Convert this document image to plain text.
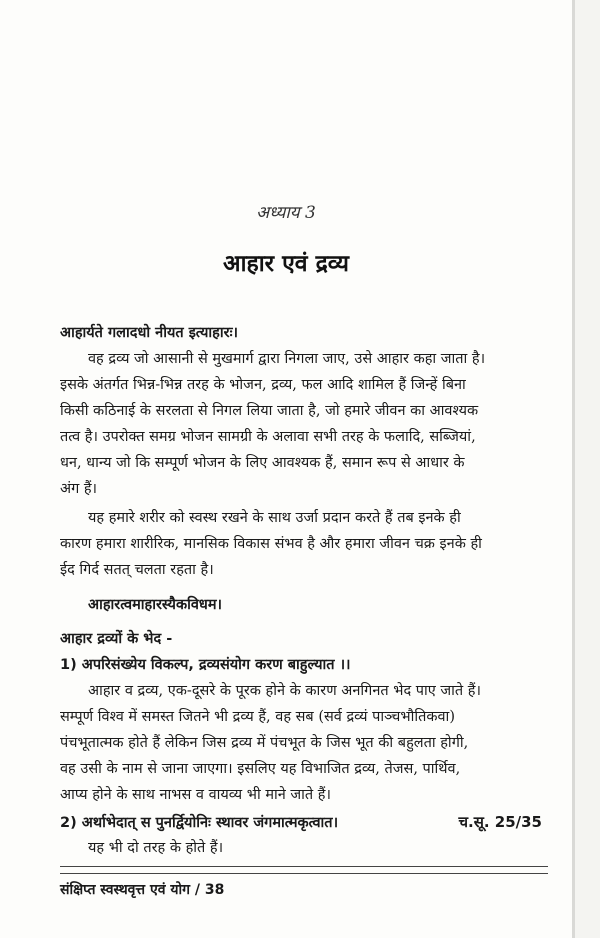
अध्याय 3
आहार एवं द्रव्य
आहार्यते गलादधो नीयत इत्याहारः।
वह द्रव्य जो आसानी से मुखमार्ग द्वारा निगला जाए, उसे आहार कहा जाता है।
इसके अंतर्गत भिन्न-भिन्न तरह के भोजन, द्रव्य, फल आदि शामिल हैं जिन्हें बिना
किसी कठिनाई के सरलता से निगल लिया जाता है, जो हमारे जीवन का आवश्यक
तत्व है। उपरोक्त समग्र भोजन सामग्री के अलावा सभी तरह के फलादि, सब्जियां,
धन, धान्य जो कि सम्पूर्ण भोजन के लिए आवश्यक हैं, समान रूप से आधार के
अंग हैं।
यह हमारे शरीर को स्वस्थ रखने के साथ उर्जा प्रदान करते हैं तब इनके ही
कारण हमारा शारीरिक, मानसिक विकास संभव है और हमारा जीवन चक्र इनके ही
ईद गिर्द सतत् चलता रहता है।
आहारत्वमाहारस्यैकविधम।
आहार द्रव्यों के भेद -
1) अपरिसंख्येय विकल्प, द्रव्यसंयोग करण बाहुल्यात ।।
आहार व द्रव्य, एक-दूसरे के पूरक होने के कारण अनगिनत भेद पाए जाते हैं।
सम्पूर्ण विश्व में समस्त जितने भी द्रव्य हैं, वह सब (सर्व द्रव्यं पाञ्चभौतिकवा)
पंचभूतात्मक होते हैं लेकिन जिस द्रव्य में पंचभूत के जिस भूत की बहुलता होगी,
वह उसी के नाम से जाना जाएगा। इसलिए यह विभाजित द्रव्य, तेजस, पार्थिव,
आप्य होने के साथ नाभस व वायव्य भी माने जाते हैं।
2) अर्थाभेदात् स पुनर्द्वियोनिः स्थावर जंगमात्मकृत्वात।	च.सू. 25/35
यह भी दो तरह के होते हैं।
संक्षिप्त स्वस्थवृत्त एवं योग / 38
